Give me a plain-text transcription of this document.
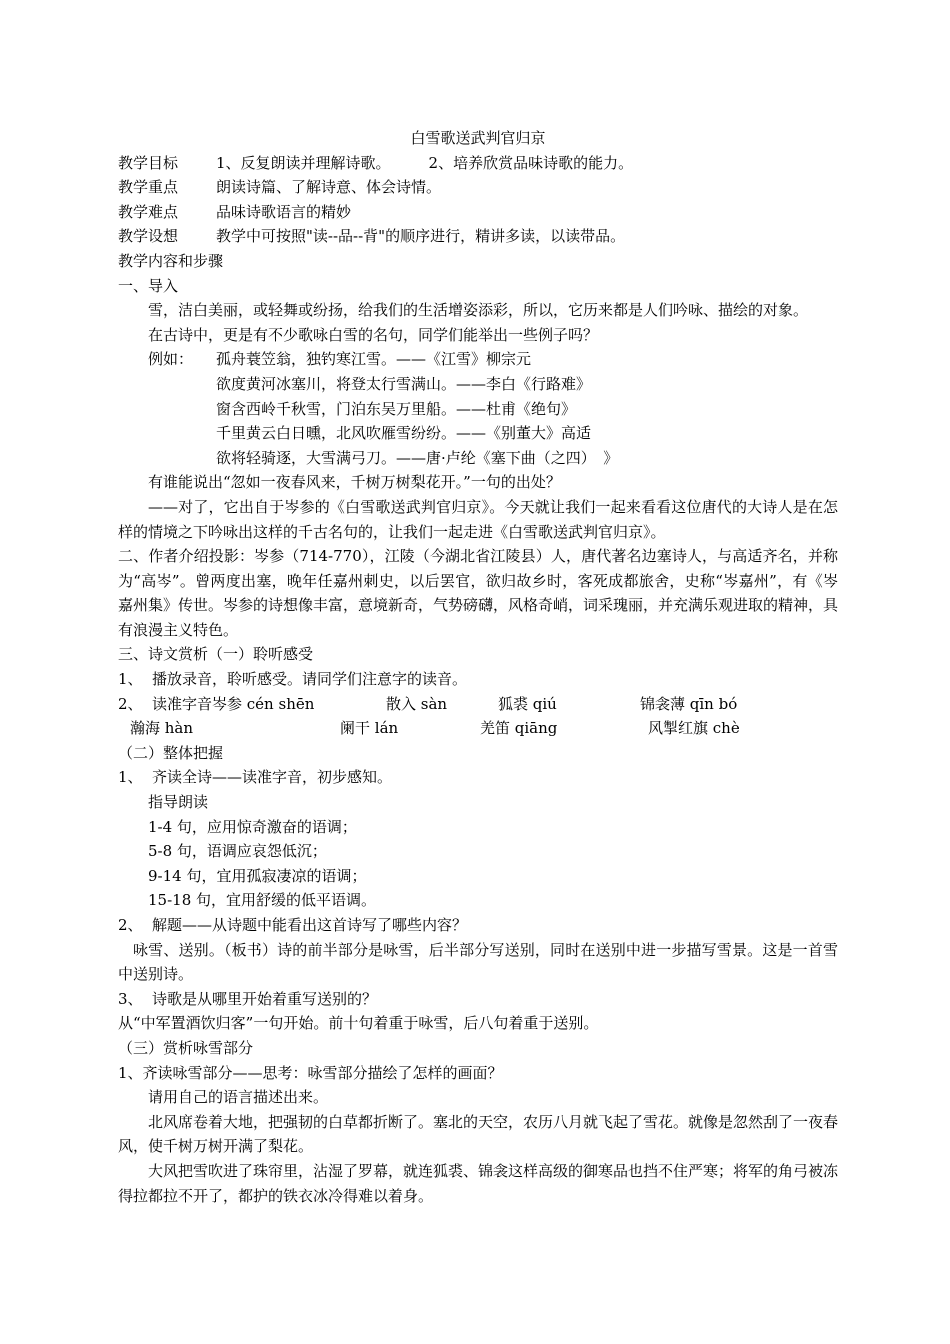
白雪歌送武判官归京
教学目标	1、反复朗读并理解诗歌。	2、培养欣赏品味诗歌的能力。
教学重点	朗读诗篇、了解诗意、体会诗情。
教学难点	品味诗歌语言的精妙
教学设想	教学中可按照"读--品--背"的顺序进行，精讲多读，以读带品。
教学内容和步骤
一、导入
雪，洁白美丽，或轻舞或纷扬，给我们的生活增姿添彩，所以，它历来都是人们吟咏、描绘的对象。
在古诗中，更是有不少歌咏白雪的名句，同学们能举出一些例子吗？
例如： 孤舟蓑笠翁，独钓寒江雪。——《江雪》柳宗元
欲度黄河冰塞川，将登太行雪满山。——李白《行路难》
窗含西岭千秋雪，门泊东吴万里船。——杜甫《绝句》
千里黄云白日曛，北风吹雁雪纷纷。——《别董大》高适
欲将轻骑逐，大雪满弓刀。——唐·卢纶《塞下曲（之四）　》
有谁能说出“忽如一夜春风来，千树万树梨花开。”一句的出处？
——对了，它出自于岑参的《白雪歌送武判官归京》。今天就让我们一起来看看这位唐代的大诗人是在怎样的情境之下吟咏出这样的千古名句的，让我们一起走进《白雪歌送武判官归京》。
二、作者介绍投影：岑参（714-770），江陵（今湖北省江陵县）人，唐代著名边塞诗人，与高适齐名，并称为“高岑”。曾两度出塞，晚年任嘉州刺史，以后罢官，欲归故乡时，客死成都旅舍，史称“岑嘉州”，有《岑嘉州集》传世。岑参的诗想像丰富，意境新奇，气势磅礴，风格奇峭，词采瑰丽，并充满乐观进取的精神，具有浪漫主义特色。
三、诗文赏析（一）聆听感受
1、 播放录音，聆听感受。请同学们注意字的读音。
2、 读准字音岑参 cén shēn	散入 sàn	狐裘 qiú	锦衾薄 qīn bó
瀚海 hàn	阑干 lán	羌笛 qiāng	风掣红旗 chè
（二）整体把握
1、 齐读全诗——读准字音，初步感知。
指导朗读
1-4 句，应用惊奇激奋的语调；
5-8 句，语调应哀怨低沉；
9-14 句，宜用孤寂凄凉的语调；
15-18 句，宜用舒缓的低平语调。
2、 解题——从诗题中能看出这首诗写了哪些内容？
咏雪、送别。（板书）诗的前半部分是咏雪，后半部分写送别，同时在送别中进一步描写雪景。这是一首雪中送别诗。
3、 诗歌是从哪里开始着重写送别的？
从“中军置酒饮归客”一句开始。前十句着重于咏雪，后八句着重于送别。
（三）赏析咏雪部分
1、齐读咏雪部分——思考：咏雪部分描绘了怎样的画面？
请用自己的语言描述出来。
北风席卷着大地，把强韧的白草都折断了。塞北的天空，农历八月就飞起了雪花。就像是忽然刮了一夜春风，使千树万树开满了梨花。
大风把雪吹进了珠帘里，沾湿了罗幕，就连狐裘、锦衾这样高级的御寒品也挡不住严寒；将军的角弓被冻得拉都拉不开了，都护的铁衣冰冷得难以着身。
